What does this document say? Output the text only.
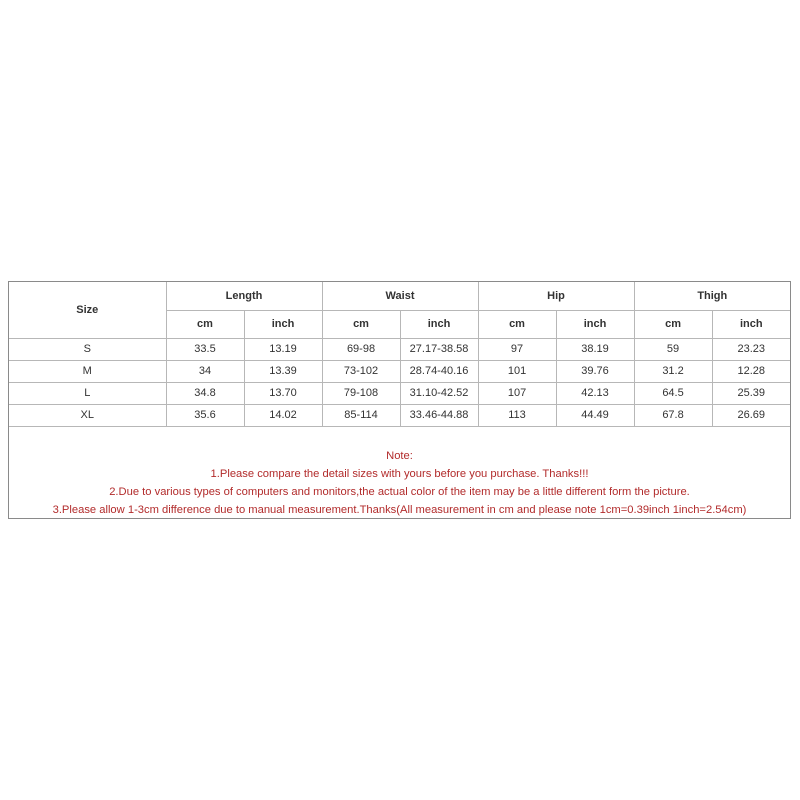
Size	Length		Waist		Hip		Thigh	
	cm	inch	cm	inch	cm	inch	cm	inch
S	33.5	13.19	69-98	27.17-38.58	97	38.19	59	23.23
M	34	13.39	73-102	28.74-40.16	101	39.76	31.2	12.28
L	34.8	13.70	79-108	31.10-42.52	107	42.13	64.5	25.39
XL	35.6	14.02	85-114	33.46-44.88	113	44.49	67.8	26.69
Note:
1.Please compare the detail sizes with yours before you purchase. Thanks!!!
2.Due to various types of computers and monitors,the actual color of the item may be a little different form the picture.
3.Please allow 1-3cm difference due to manual measurement.Thanks(All measurement in cm and please note 1cm=0.39inch 1inch=2.54cm)
